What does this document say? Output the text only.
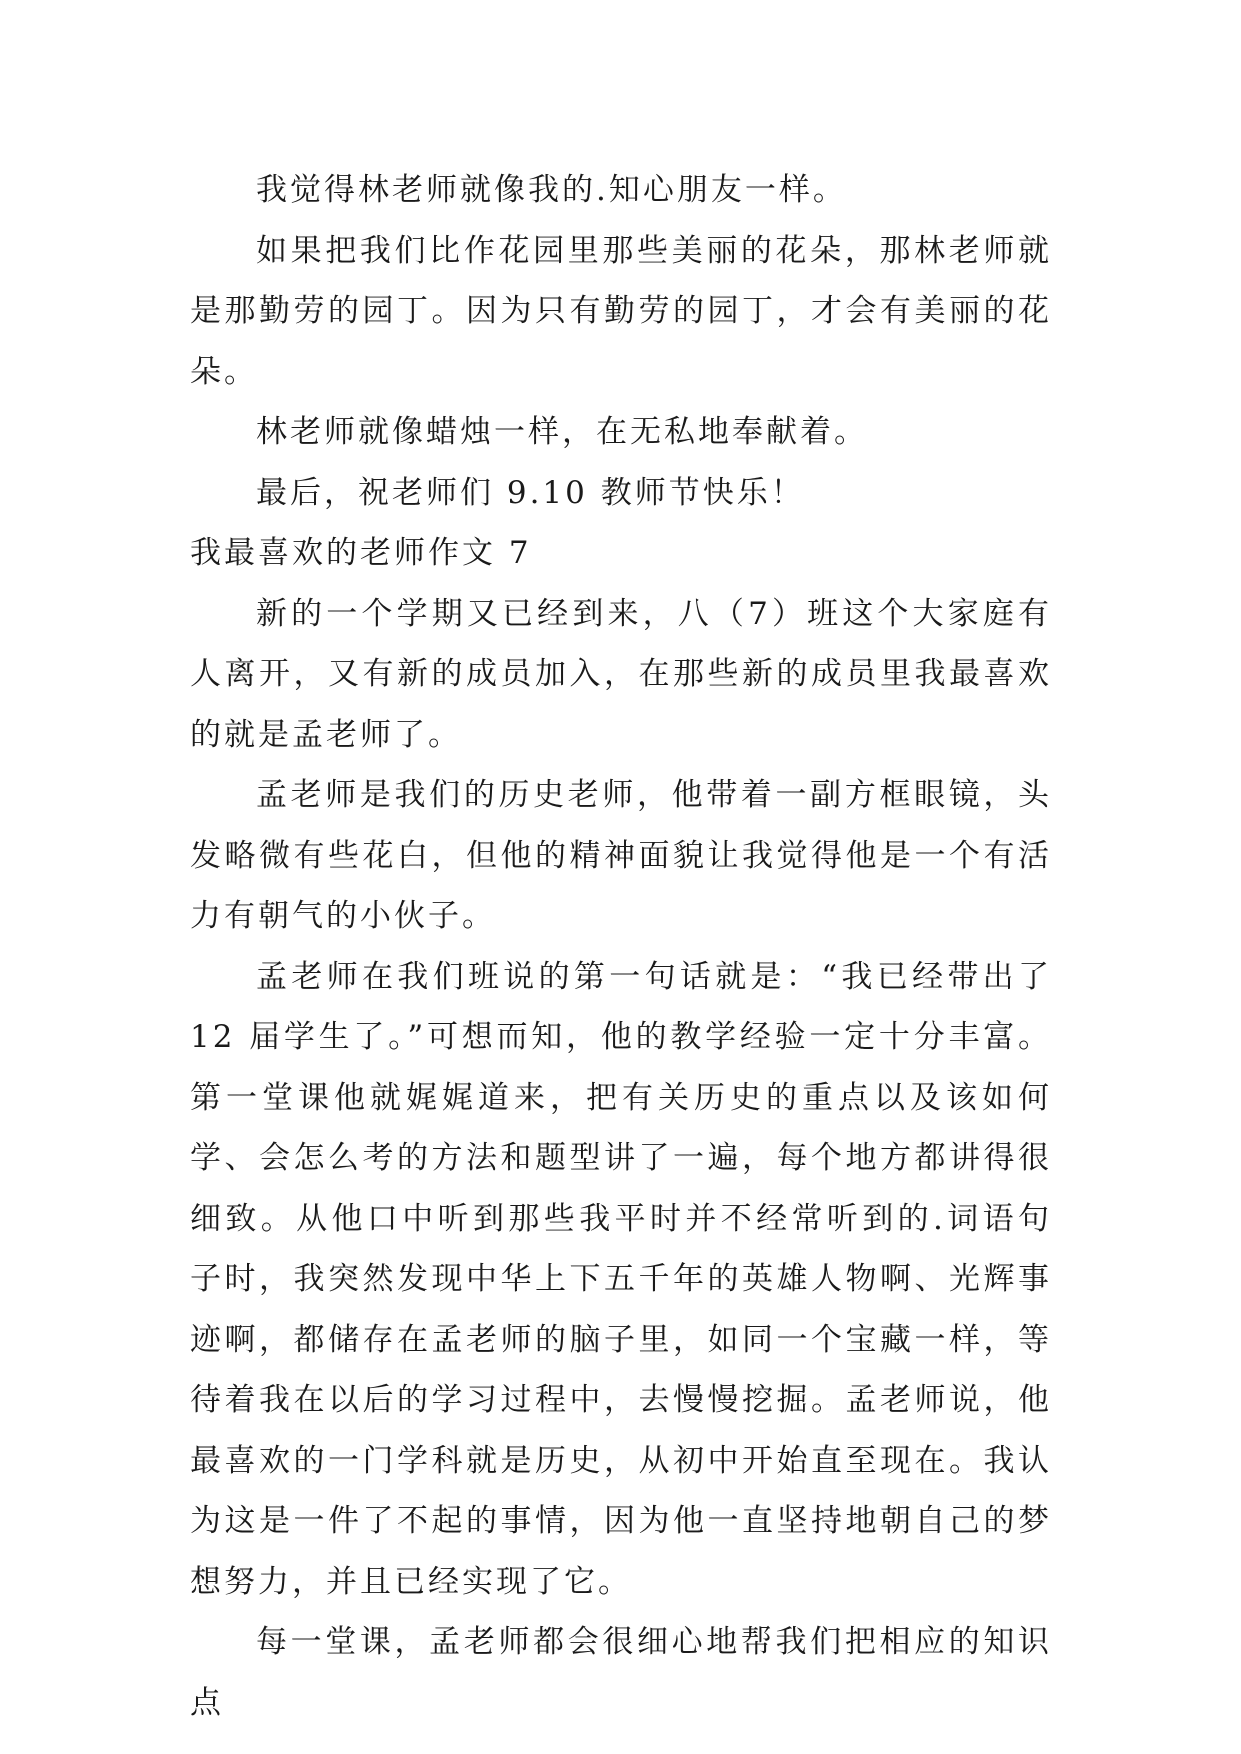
我觉得林老师就像我的.知心朋友一样。

如果把我们比作花园里那些美丽的花朵，那林老师就是那勤劳的园丁。因为只有勤劳的园丁，才会有美丽的花朵。

林老师就像蜡烛一样，在无私地奉献着。

最后，祝老师们 9.10 教师节快乐！

我最喜欢的老师作文 7

新的一个学期又已经到来，八（7）班这个大家庭有人离开，又有新的成员加入，在那些新的成员里我最喜欢的就是孟老师了。

孟老师是我们的历史老师，他带着一副方框眼镜，头发略微有些花白，但他的精神面貌让我觉得他是一个有活力有朝气的小伙子。

孟老师在我们班说的第一句话就是：“我已经带出了 12 届学生了。”可想而知，他的教学经验一定十分丰富。第一堂课他就娓娓道来，把有关历史的重点以及该如何学、会怎么考的方法和题型讲了一遍，每个地方都讲得很细致。从他口中听到那些我平时并不经常听到的.词语句子时，我突然发现中华上下五千年的英雄人物啊、光辉事迹啊，都储存在孟老师的脑子里，如同一个宝藏一样，等待着我在以后的学习过程中，去慢慢挖掘。孟老师说，他最喜欢的一门学科就是历史，从初中开始直至现在。我认为这是一件了不起的事情，因为他一直坚持地朝自己的梦想努力，并且已经实现了它。

每一堂课，孟老师都会很细心地帮我们把相应的知识点
